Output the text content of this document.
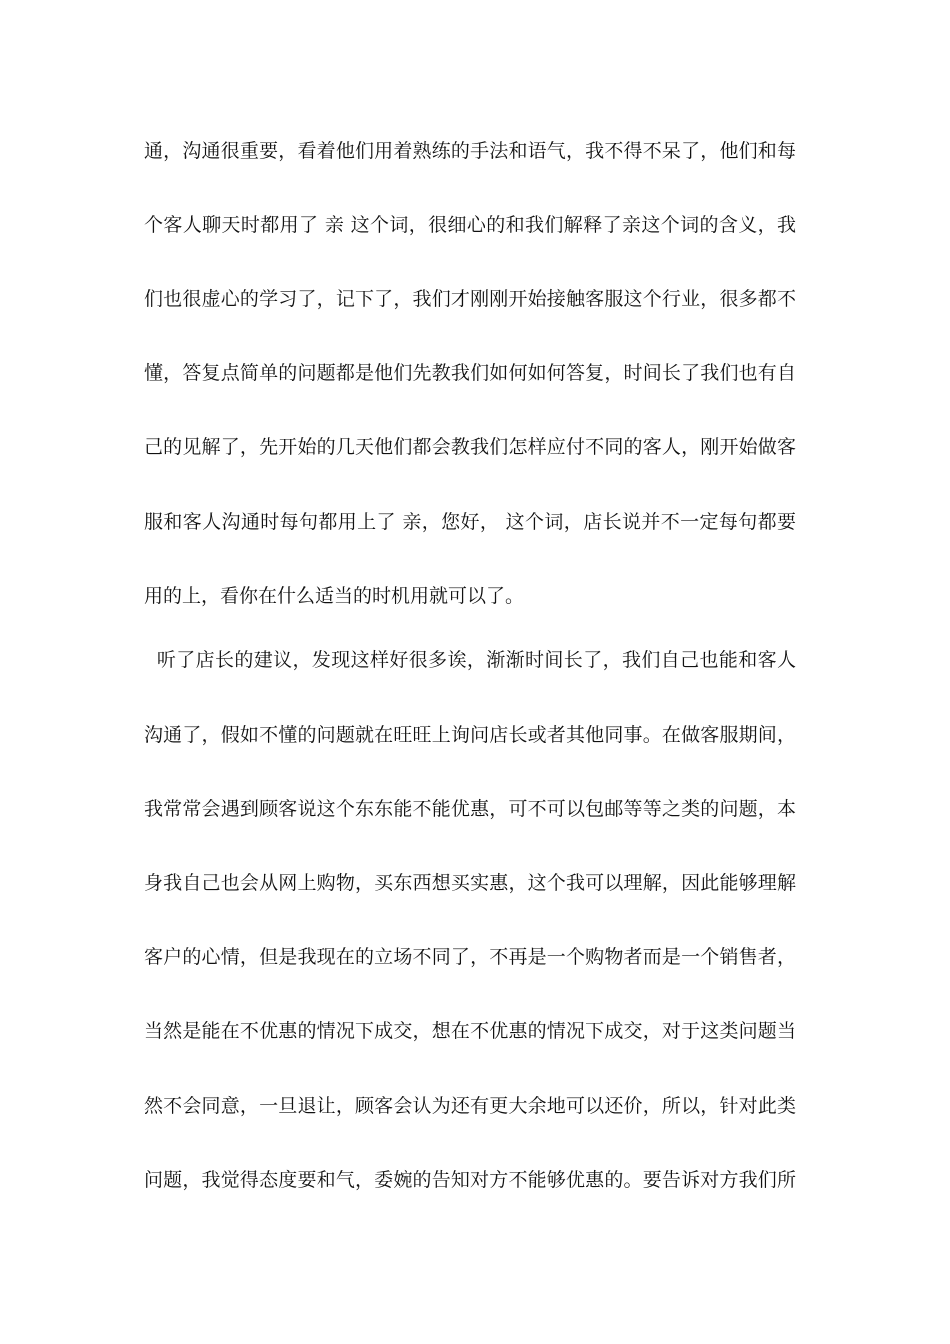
通，沟通很重要，看着他们用着熟练的手法和语气，我不得不呆了，他们和每
个客人聊天时都用了 亲 这个词，很细心的和我们解释了亲这个词的含义，我
们也很虚心的学习了，记下了，我们才刚刚开始接触客服这个行业，很多都不
懂，答复点简单的问题都是他们先教我们如何如何答复，时间长了我们也有自
己的见解了，先开始的几天他们都会教我们怎样应付不同的客人，刚开始做客
服和客人沟通时每句都用上了 亲，您好， 这个词，店长说并不一定每句都要
用的上，看你在什么适当的时机用就可以了。
听了店长的建议，发现这样好很多诶，渐渐时间长了，我们自己也能和客人
沟通了，假如不懂的问题就在旺旺上询问店长或者其他同事。在做客服期间，
我常常会遇到顾客说这个东东能不能优惠，可不可以包邮等等之类的问题，本
身我自己也会从网上购物，买东西想买实惠，这个我可以理解，因此能够理解
客户的心情，但是我现在的立场不同了，不再是一个购物者而是一个销售者，
当然是能在不优惠的情况下成交，想在不优惠的情况下成交，对于这类问题当
然不会同意，一旦退让，顾客会认为还有更大余地可以还价，所以，针对此类
问题，我觉得态度要和气，委婉的告知对方不能够优惠的。要告诉对方我们所
